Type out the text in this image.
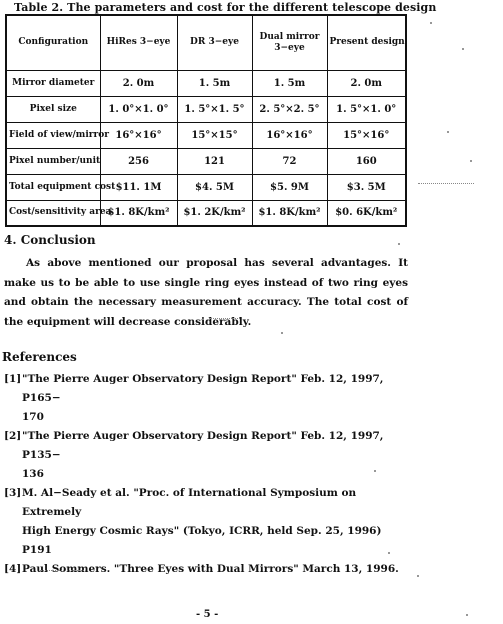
Table 2. The parameters and cost for the different telescope design
Configuration	HiRes 3−eye	DR 3−eye	Dual mirror 3−eye	Present design
Mirror diameter	2. 0m	1. 5m	1. 5m	2. 0m
Pixel size	1. 0°×1. 0°	1. 5°×1. 5°	2. 5°×2. 5°	1. 5°×1. 0°
Field of view/mirror	16°×16°	15°×15°	16°×16°	15°×16°
Pixel number/unit	256	121	72	160
Total equipment cost	$11. 1M	$4. 5M	$5. 9M	$3. 5M
Cost/sensitivity area	$1. 8K/km²	$1. 2K/km²	$1. 8K/km²	$0. 6K/km²
4. Conclusion
As above mentioned our proposal has several advantages. It make us to be able to use single ring eyes instead of two ring eyes and obtain the necessary measurement accuracy. The total cost of the equipment will decrease considerably.
References
[1] "The Pierre Auger Observatory Design Report" Feb. 12, 1997, P165−
170
[2] "The Pierre Auger Observatory Design Report" Feb. 12, 1997, P135−
136
[3] M. Al−Seady et al. "Proc. of International Symposium on Extremely
High Energy Cosmic Rays" (Tokyo, ICRR, held Sep. 25, 1996) P191
[4] Paul Sommers. "Three Eyes with Dual Mirrors" March 13, 1996.
- 5 -
